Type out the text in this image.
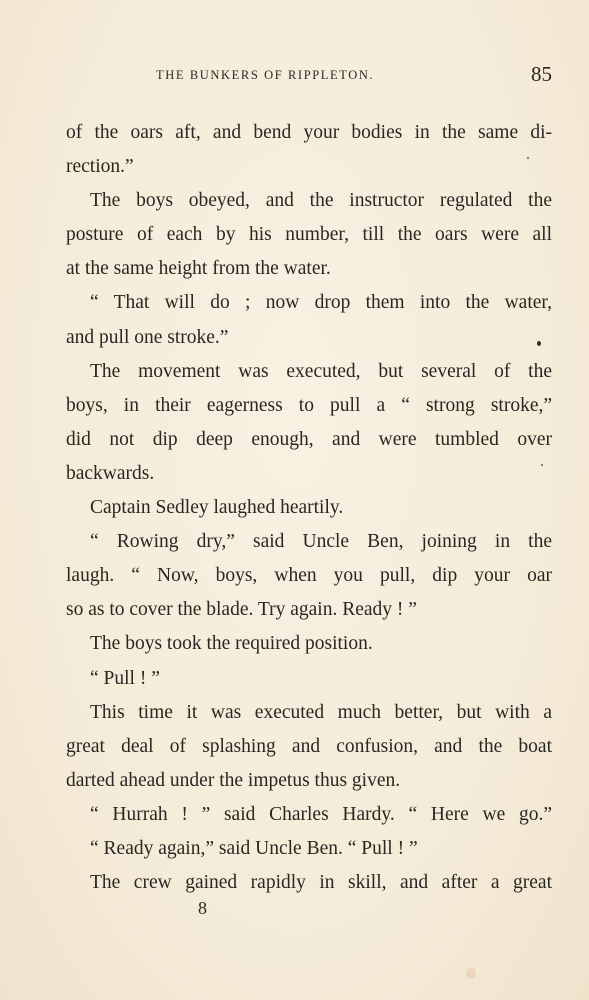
THE BUNKERS OF RIPPLETON.	85
of the oars aft, and bend your bodies in the same di-
rection.”
The boys obeyed, and the instructor regulated the
posture of each by his number, till the oars were all
at the same height from the water.
“ That will do ; now drop them into the water,
and pull one stroke.”
The movement was executed, but several of the
boys, in their eagerness to pull a “ strong stroke,”
did not dip deep enough, and were tumbled over
backwards.
Captain Sedley laughed heartily.
“ Rowing dry,” said Uncle Ben, joining in the
laugh. “ Now, boys, when you pull, dip your oar
so as to cover the blade. Try again. Ready ! ”
The boys took the required position.
“ Pull ! ”
This time it was executed much better, but with a
great deal of splashing and confusion, and the boat
darted ahead under the impetus thus given.
“ Hurrah ! ” said Charles Hardy. “ Here we go.”
“ Ready again,” said Uncle Ben. “ Pull ! ”
The crew gained rapidly in skill, and after a great
8
